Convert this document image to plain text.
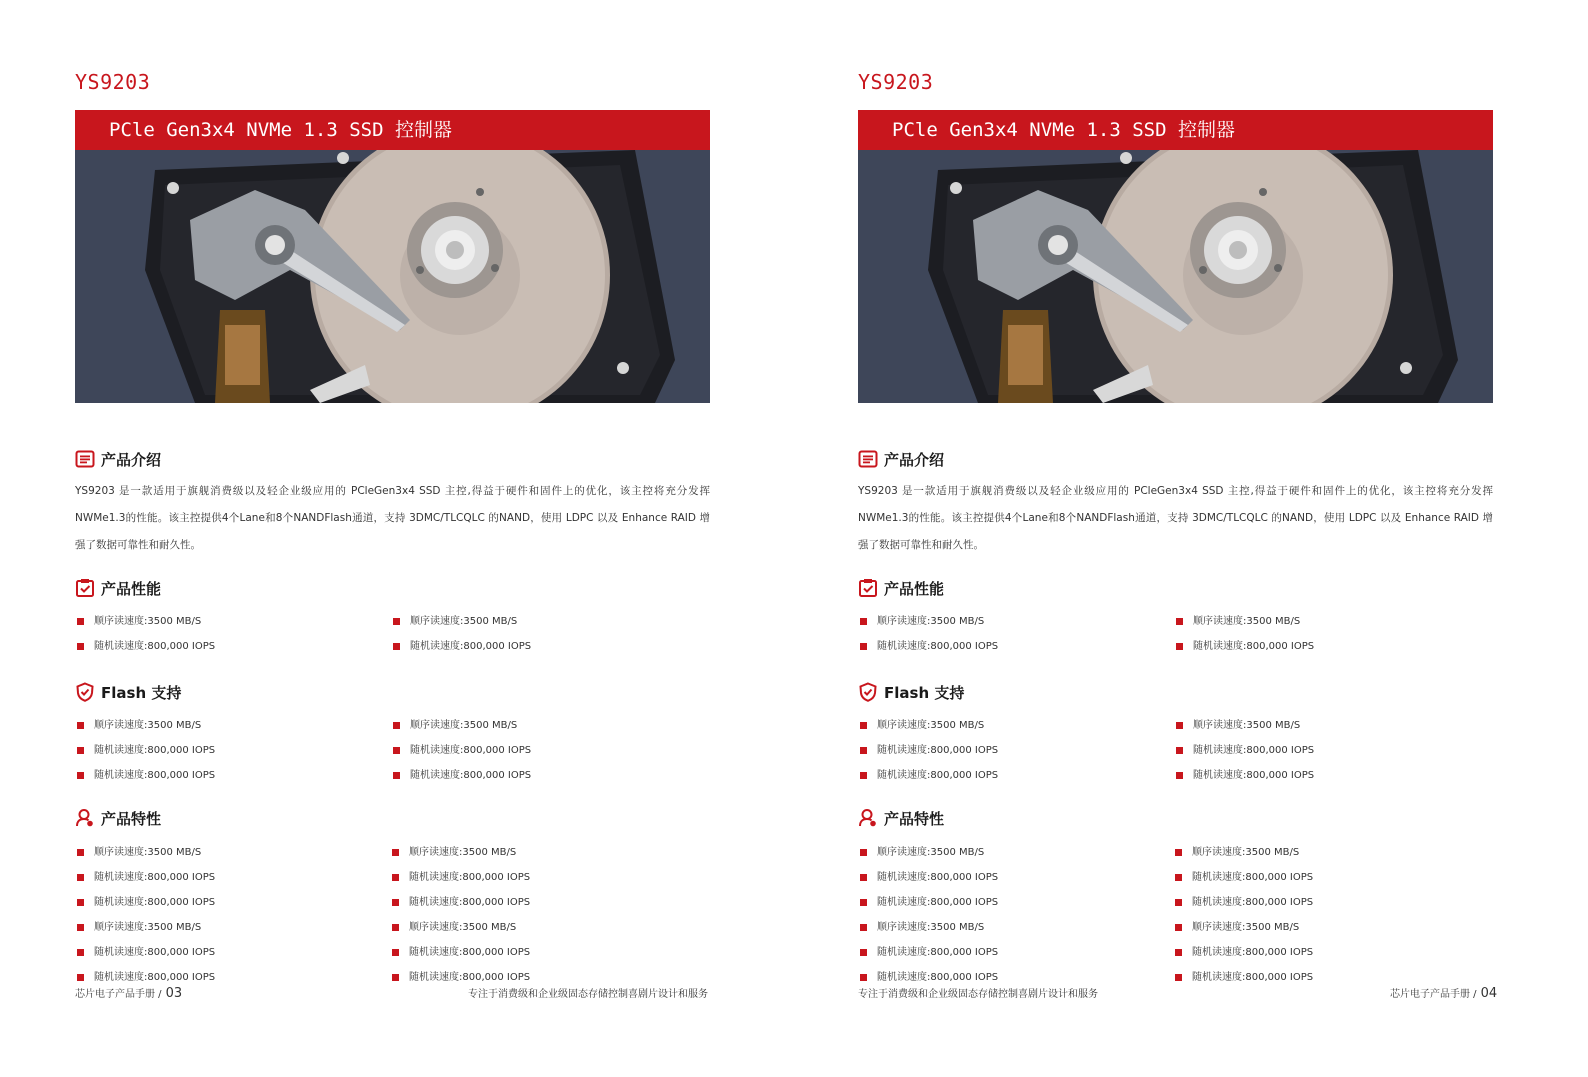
YS9203
PCle Gen3x4 NVMe 1.3 SSD 控制器
产品介绍
YS9203 是一款适用于旗舰消费级以及轻企业级应用的 PCleGen3x4 SSD 主控,得益于硬件和固件上的优化，该主控将充分发挥NWMe1.3的性能。该主控提供4个Lane和8个NANDFlash通道，支持 3DMC/TLCQLC 的NAND，使用 LDPC 以及 Enhance RAID 增强了数据可靠性和耐久性。
产品性能
顺序读速度:3500 MB/S
随机读速度:800,000 IOPS
顺序读速度:3500 MB/S
随机读速度:800,000 IOPS
Flash 支持
顺序读速度:3500 MB/S
随机读速度:800,000 IOPS
随机读速度:800,000 IOPS
顺序读速度:3500 MB/S
随机读速度:800,000 IOPS
随机读速度:800,000 IOPS
产品特性
顺序读速度:3500 MB/S
随机读速度:800,000 IOPS
随机读速度:800,000 IOPS
顺序读速度:3500 MB/S
随机读速度:800,000 IOPS
随机读速度:800,000 IOPS
顺序读速度:3500 MB/S
随机读速度:800,000 IOPS
随机读速度:800,000 IOPS
顺序读速度:3500 MB/S
随机读速度:800,000 IOPS
随机读速度:800,000 IOPS
芯片电子产品手册 / 03	专注于消费级和企业级固态存储控制喜剧片设计和服务
YS9203
PCle Gen3x4 NVMe 1.3 SSD 控制器
产品介绍
YS9203 是一款适用于旗舰消费级以及轻企业级应用的 PCleGen3x4 SSD 主控,得益于硬件和固件上的优化，该主控将充分发挥NWMe1.3的性能。该主控提供4个Lane和8个NANDFlash通道，支持 3DMC/TLCQLC 的NAND，使用 LDPC 以及 Enhance RAID 增强了数据可靠性和耐久性。
产品性能
顺序读速度:3500 MB/S
随机读速度:800,000 IOPS
顺序读速度:3500 MB/S
随机读速度:800,000 IOPS
Flash 支持
顺序读速度:3500 MB/S
随机读速度:800,000 IOPS
随机读速度:800,000 IOPS
顺序读速度:3500 MB/S
随机读速度:800,000 IOPS
随机读速度:800,000 IOPS
产品特性
顺序读速度:3500 MB/S
随机读速度:800,000 IOPS
随机读速度:800,000 IOPS
顺序读速度:3500 MB/S
随机读速度:800,000 IOPS
随机读速度:800,000 IOPS
顺序读速度:3500 MB/S
随机读速度:800,000 IOPS
随机读速度:800,000 IOPS
顺序读速度:3500 MB/S
随机读速度:800,000 IOPS
随机读速度:800,000 IOPS
专注于消费级和企业级固态存储控制喜剧片设计和服务	芯片电子产品手册 / 04
